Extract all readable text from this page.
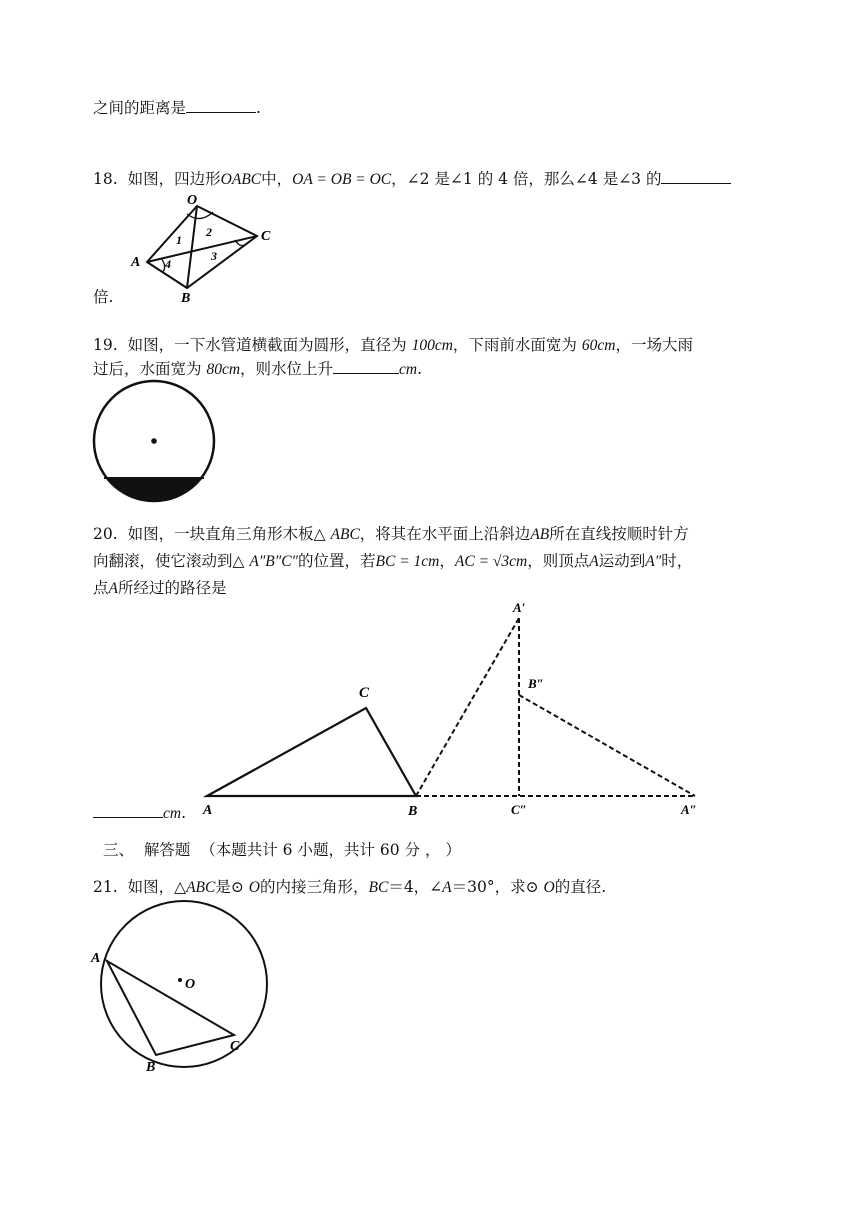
之间的距离是	.
18. 如图，四边形OABC中，OA = OB = OC，∠2 是∠1 的 4 倍，那么∠4 是∠3 的
O
A
B
C
1
2
3
4
倍.
19. 如图，一下水管道横截面为圆形，直径为 100cm，下雨前水面宽为 60cm，一场大雨
过后，水面宽为 80cm，则水位上升	cm.
20. 如图，一块直角三角形木板△ ABC，将其在水平面上沿斜边AB所在直线按顺时针方
向翻滚，使它滚动到△ A″B″C″的位置，若BC = 1cm，AC = √3cm，则顶点A运动到A″时，
点A所经过的路径是
C
A′
B″
A	B	C″	A″
cm.
三、 解答题 （本题共计 6 小题，共计 60 分 ， ）
21. 如图，△ABC是⊙ O的内接三角形，BC＝4，∠A＝30°，求⊙ O的直径.
A
O
B
C
